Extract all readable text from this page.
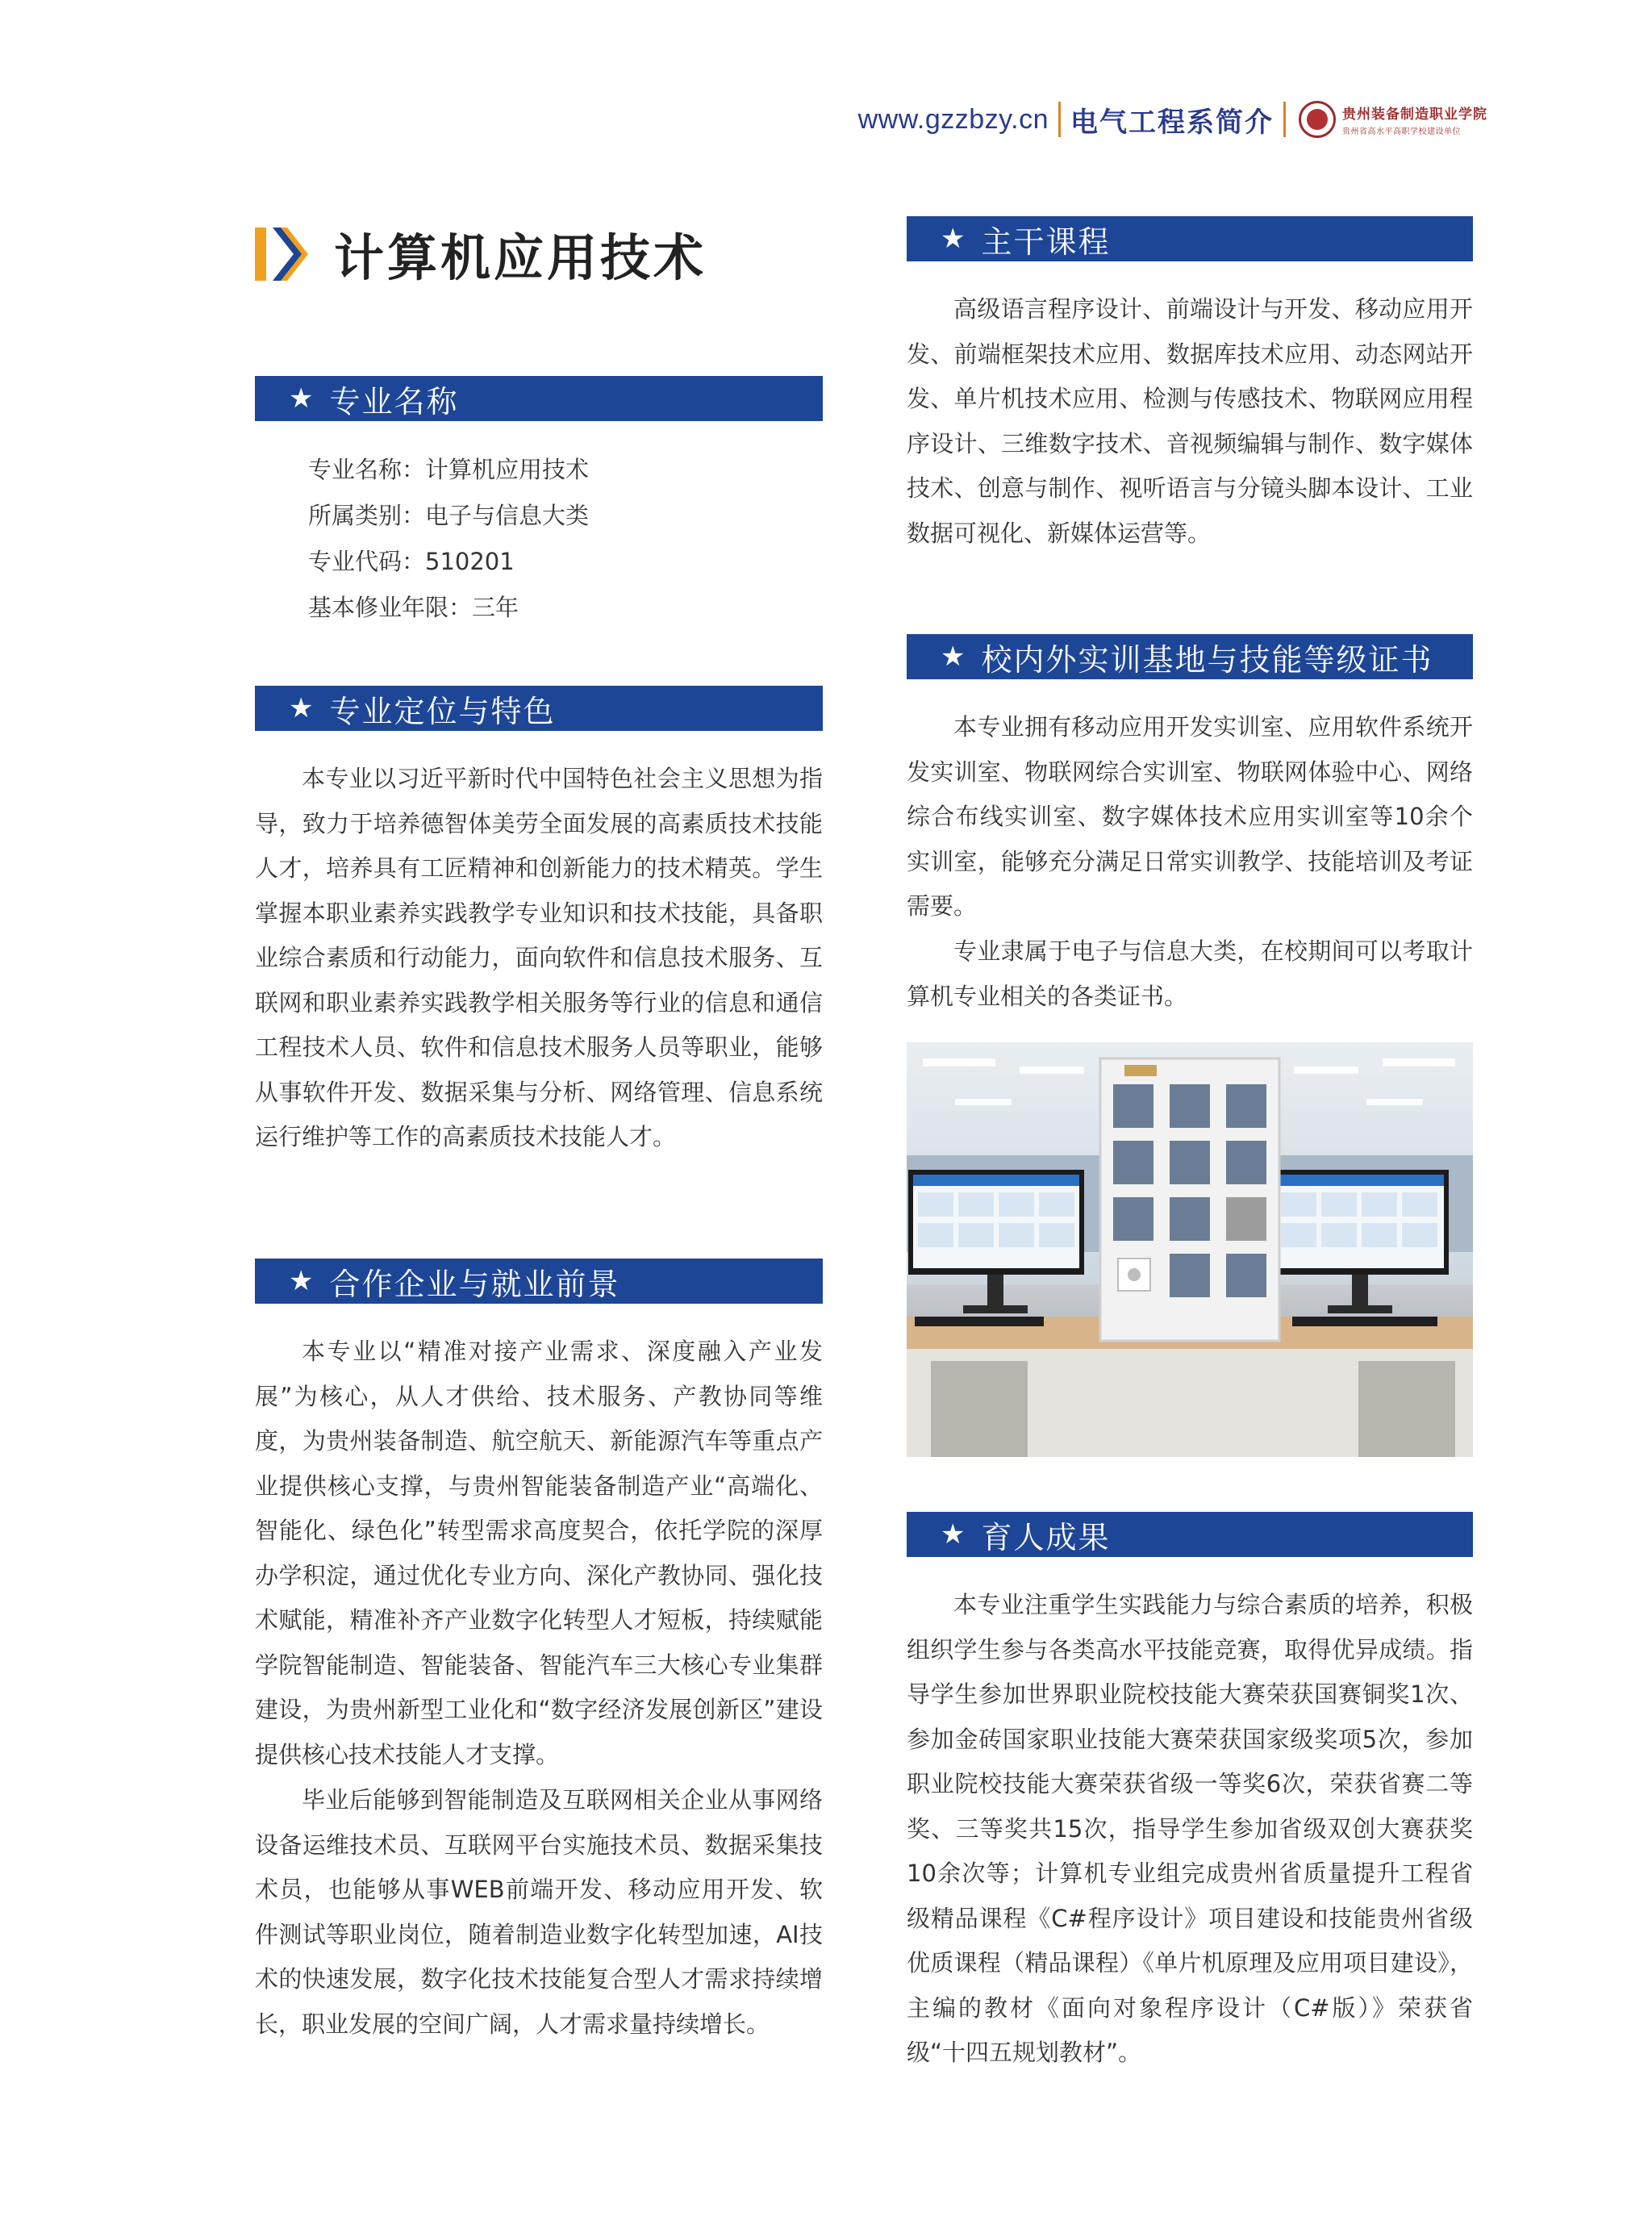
www.gzzbzy.cn 电气工程系简介	贵州装备制造职业学院
贵州省高水平高职学校建设单位
计算机应用技术
★ 专业名称
专业名称：计算机应用技术
所属类别：电子与信息大类
专业代码：510201
基本修业年限：三年
★ 专业定位与特色

本专业以习近平新时代中国特色社会主义思想为指导，致力于培养德智体美劳全面发展的高素质技术技能人才，培养具有工匠精神和创新能力的技术精英。学生掌握本职业素养实践教学专业知识和技术技能，具备职业综合素质和行动能力，面向软件和信息技术服务、互联网和职业素养实践教学相关服务等行业的信息和通信工程技术人员、软件和信息技术服务人员等职业，能够从事软件开发、数据采集与分析、网络管理、信息系统运行维护等工作的高素质技术技能人才。

★ 合作企业与就业前景

本专业以“精准对接产业需求、深度融入产业发展”为核心，从人才供给、技术服务、产教协同等维度，为贵州装备制造、航空航天、新能源汽车等重点产业提供核心支撑，与贵州智能装备制造产业“高端化、智能化、绿色化”转型需求高度契合，依托学院的深厚办学积淀，通过优化专业方向、深化产教协同、强化技术赋能，精准补齐产业数字化转型人才短板，持续赋能学院智能制造、智能装备、智能汽车三大核心专业集群建设，为贵州新型工业化和“数字经济发展创新区”建设提供核心技术技能人才支撑。

毕业后能够到智能制造及互联网相关企业从事网络设备运维技术员、互联网平台实施技术员、数据采集技术员，也能够从事WEB前端开发、移动应用开发、软件测试等职业岗位，随着制造业数字化转型加速，AI技术的快速发展，数字化技术技能复合型人才需求持续增长，职业发展的空间广阔，人才需求量持续增长。

★ 主干课程

高级语言程序设计、前端设计与开发、移动应用开发、前端框架技术应用、数据库技术应用、动态网站开发、单片机技术应用、检测与传感技术、物联网应用程序设计、三维数字技术、音视频编辑与制作、数字媒体技术、创意与制作、视听语言与分镜头脚本设计、工业数据可视化、新媒体运营等。

★ 校内外实训基地与技能等级证书

本专业拥有移动应用开发实训室、应用软件系统开发实训室、物联网综合实训室、物联网体验中心、网络综合布线实训室、数字媒体技术应用实训室等10余个实训室，能够充分满足日常实训教学、技能培训及考证需要。

专业隶属于电子与信息大类，在校期间可以考取计算机专业相关的各类证书。

★ 育人成果

本专业注重学生实践能力与综合素质的培养，积极组织学生参与各类高水平技能竞赛，取得优异成绩。指导学生参加世界职业院校技能大赛荣获国赛铜奖1次、参加金砖国家职业技能大赛荣获国家级奖项5次，参加职业院校技能大赛荣获省级一等奖6次，荣获省赛二等奖、三等奖共15次，指导学生参加省级双创大赛获奖10余次等；计算机专业组完成贵州省质量提升工程省级精品课程《C#程序设计》项目建设和技能贵州省级优质课程（精品课程）《单片机原理及应用项目建设》，主编的教材《面向对象程序设计（C#版）》荣获省级“十四五规划教材”。
